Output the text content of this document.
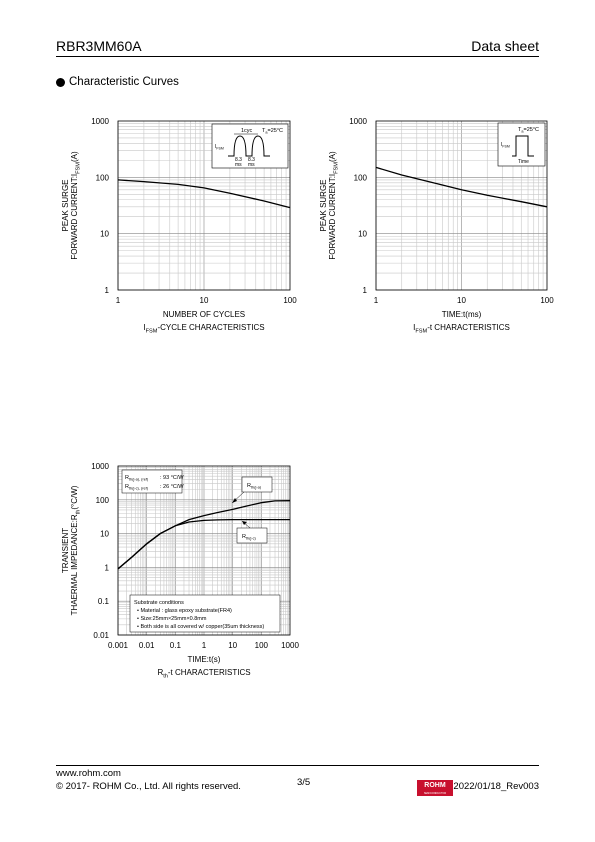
RBR3MM60A	Data sheet
Characteristic Curves
1	10	100
1
10
100
1000
NUMBER OF CYCLES
$I_{FSM}$-CYCLE CHARACTERISTICS
PEAK SURGE FORWARD $CURRENT:I_{FSM}(A)$
1cyc $T_a=25^\circ C$
$I_{FSM}$
8.3
ms
8.3
ms
1	10	100
1
10
100
1000
TIME:t(ms)
$I_{FSM}-t$ CHARACTERISTICS
PEAK SURGE FORWARD $CURRENT:I_{FSM}(A)$
$T_a=25^\circ C$
$I_{FSM}$
Time
0.001 0.01 0.1	1	10 100 1000
0.01
0.1
1
10
100
1000
TIME:t(s)
$R_{th}-t$ CHARACTERISTICS
TRANSIENT THAERMAL $IMPEDANCE:R_{th}(^\circ C/W)$
$R_{th(j-a), (ref)}$ : 93 °C/W
$R_{th(j-c), (ref)}$ : 26 °C/W	$R_{th(j-a)}$
$R_{th(j-c)}$
Substrate conditions
• Material : glass epoxy substrate(FR4)
• Size:25mm×25mm×0.8mm
• Both side is all covered w/ copper(35um thickness)
www.rohm.com
© 2017- ROHM Co., Ltd. All rights reserved.	3/5	ROHM
SEMICONDUCTOR
2022/01/18_Rev003
